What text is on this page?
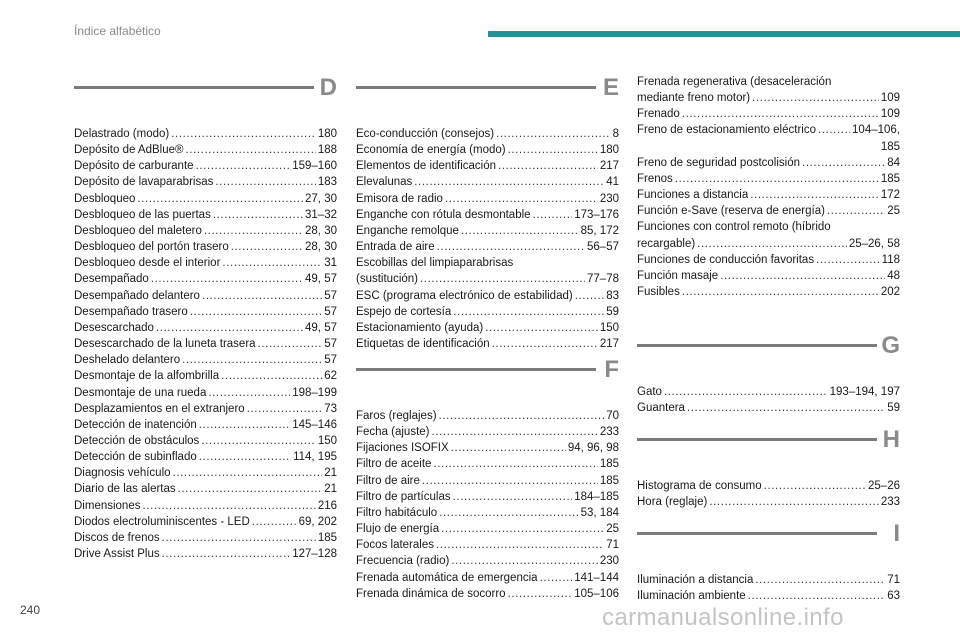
Índice alfabético
D
Delastrado (modo) .....	180
Depósito de AdBlue® .....	188
Depósito de carburante .....	159–160
Depósito de lavaparabrisas .....	183
Desbloqueo .....	27, 30
Desbloqueo de las puertas .....	31–32
Desbloqueo del maletero .....	28, 30
Desbloqueo del portón trasero .....	28, 30
Desbloqueo desde el interior .....	31
Desempañado .....	49, 57
Desempañado delantero .....	57
Desempañado trasero .....	57
Desescarchado .....	49, 57
Desescarchado de la luneta trasera .....	57
Deshelado delantero .....	57
Desmontaje de la alfombrilla .....	62
Desmontaje de una rueda .....	198–199
Desplazamientos en el extranjero .....	73
Detección de inatención .....	145–146
Detección de obstáculos .....	150
Detección de subinflado .....	114, 195
Diagnosis vehículo .....	21
Diario de las alertas .....	21
Dimensiones .....	216
Diodos electroluminiscentes - LED .....	69, 202
Discos de frenos .....	185
Drive Assist Plus .....	127–128
E
Eco-conducción (consejos) .....	8
Economía de energía (modo) .....	180
Elementos de identificación .....	217
Elevalunas .....	41
Emisora de radio .....	230
Enganche con rótula desmontable .....	173–176
Enganche remolque .....	85, 172
Entrada de aire .....	56–57
Escobillas del limpiaparabrisas
(sustitución) .....	77–78
ESC (programa electrónico de estabilidad) .....	83
Espejo de cortesía .....	59
Estacionamiento (ayuda) .....	150
Etiquetas de identificación .....	217
F
Faros (reglajes) .....	70
Fecha (ajuste) .....	233
Fijaciones ISOFIX .....	94, 96, 98
Filtro de aceite .....	185
Filtro de aire .....	185
Filtro de partículas .....	184–185
Filtro habitáculo .....	53, 184
Flujo de energía .....	25
Focos laterales .....	71
Frecuencia (radio) .....	230
Frenada automática de emergencia .....	141–144
Frenada dinámica de socorro .....	105–106
Frenada regenerativa (desaceleración
mediante freno motor) .....	109
Frenado .....	109
Freno de estacionamiento eléctrico .....	104–106,
185
Freno de seguridad postcolisión .....	84
Frenos .....	185
Funciones a distancia .....	172
Función e-Save (reserva de energía) .....	25
Funciones con control remoto (híbrido
recargable) .....	25–26, 58
Funciones de conducción favoritas .....	118
Función masaje .....	48
Fusibles .....	202
G
Gato .....	193–194, 197
Guantera .....	59
H
Histograma de consumo .....	25–26
Hora (reglaje) .....	233
I
Iluminación a distancia .....	71
Iluminación ambiente .....	63
240	carmanualsonline.info
